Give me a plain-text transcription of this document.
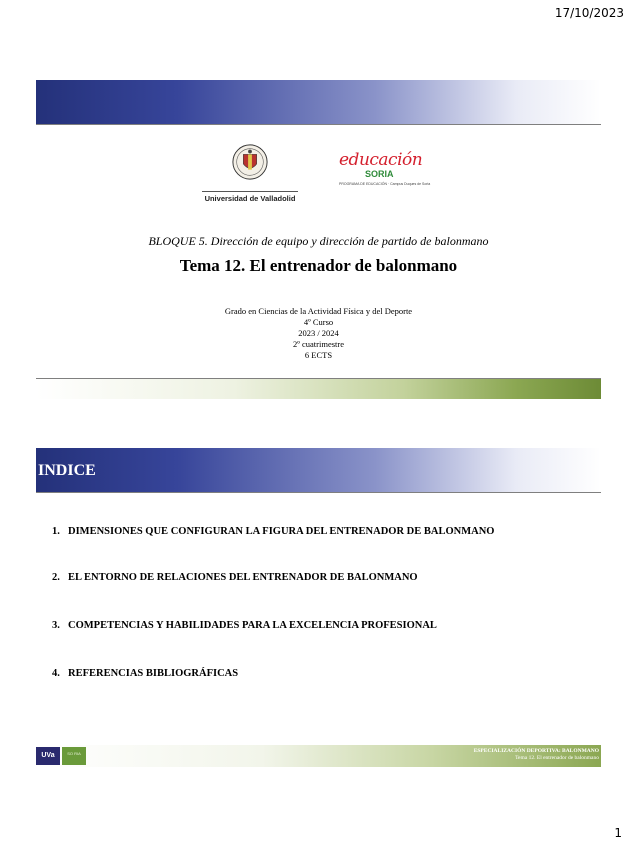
17/10/2023
Universidad de Valladolid
educación
SORIA
PROGRAMA DE EDUCACIÓN · Campus Duques de Soria
BLOQUE 5. Dirección de equipo y dirección de partido de balonmano
Tema 12. El entrenador de balonmano
Grado en Ciencias de la Actividad Física y del Deporte
4º Curso
2023 / 2024
2º cuatrimestre
6 ECTS
INDICE
1. DIMENSIONES QUE CONFIGURAN LA FIGURA DEL ENTRENADOR DE BALONMANO
2. EL ENTORNO DE RELACIONES DEL ENTRENADOR DE BALONMANO
3. COMPETENCIAS Y HABILIDADES PARA LA EXCELENCIA PROFESIONAL
4. REFERENCIAS BIBLIOGRÁFICAS
UVa	SO RIA	ESPECIALIZACIÓN DEPORTIVA: BALONMANO
Tema 12. El entrenador de balonmano
1
